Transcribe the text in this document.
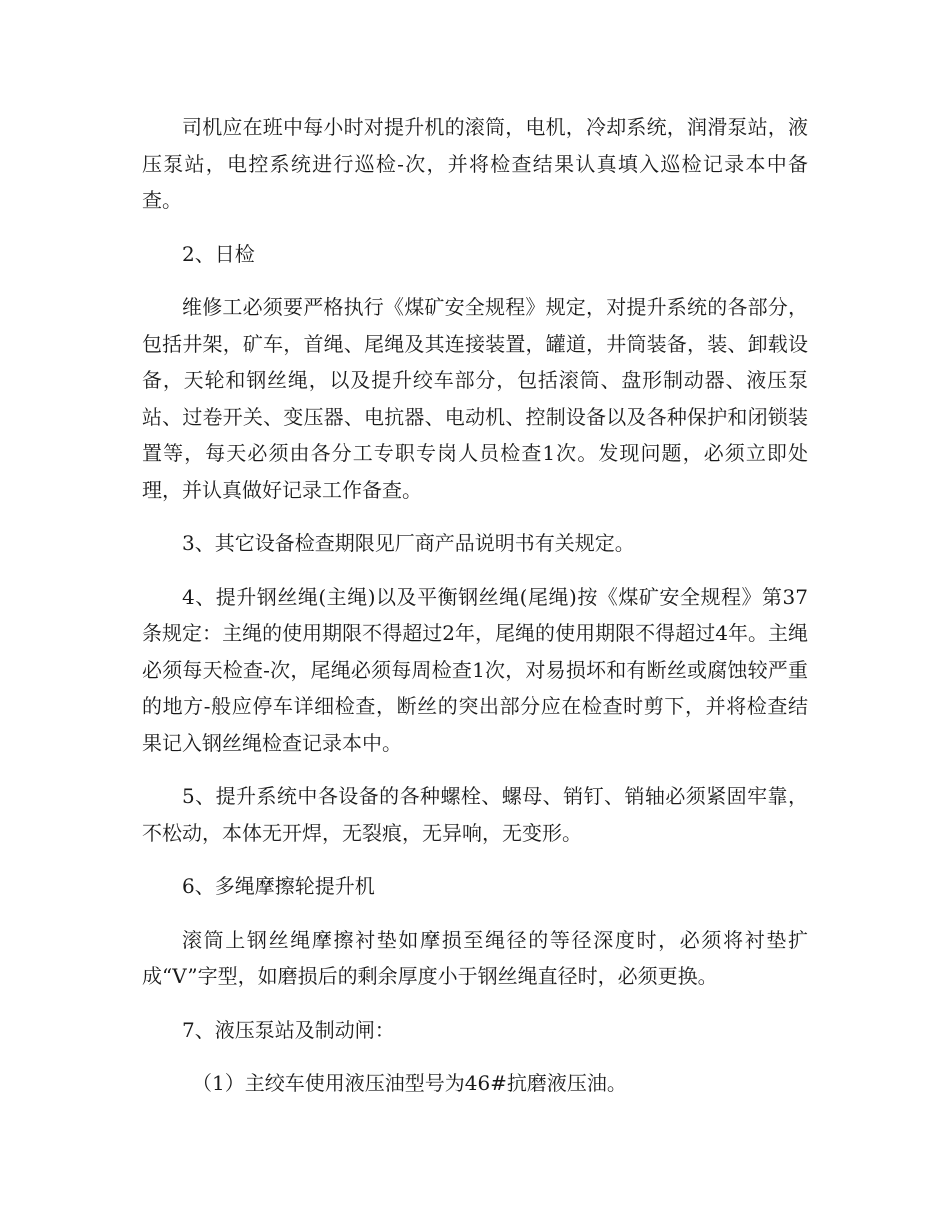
司机应在班中每小时对提升机的滚筒，电机，冷却系统，润滑泵站，液压泵站，电控系统进行巡检-次，并将检查结果认真填入巡检记录本中备查。

2、日检

维修工必须要严格执行《煤矿安全规程》规定，对提升系统的各部分，包括井架，矿车，首绳、尾绳及其连接装置，罐道，井筒装备，装、卸载设备，天轮和钢丝绳，以及提升绞车部分，包括滚筒、盘形制动器、液压泵站、过卷开关、变压器、电抗器、电动机、控制设备以及各种保护和闭锁装置等，每天必须由各分工专职专岗人员检查1次。发现问题，必须立即处理，并认真做好记录工作备查。

3、其它设备检查期限见厂商产品说明书有关规定。

4、提升钢丝绳(主绳)以及平衡钢丝绳(尾绳)按《煤矿安全规程》第37条规定：主绳的使用期限不得超过2年，尾绳的使用期限不得超过4年。主绳必须每天检查-次，尾绳必须每周检查1次，对易损坏和有断丝或腐蚀较严重的地方-般应停车详细检查，断丝的突出部分应在检查时剪下，并将检查结果记入钢丝绳检查记录本中。

5、提升系统中各设备的各种螺栓、螺母、销钉、销轴必须紧固牢靠，不松动，本体无开焊，无裂痕，无异响，无变形。

6、多绳摩擦轮提升机

滚筒上钢丝绳摩擦衬垫如摩损至绳径的等径深度时，必须将衬垫扩成“V”字型，如磨损后的剩余厚度小于钢丝绳直径时，必须更换。

7、液压泵站及制动闸：

（1）主绞车使用液压油型号为46#抗磨液压油。
